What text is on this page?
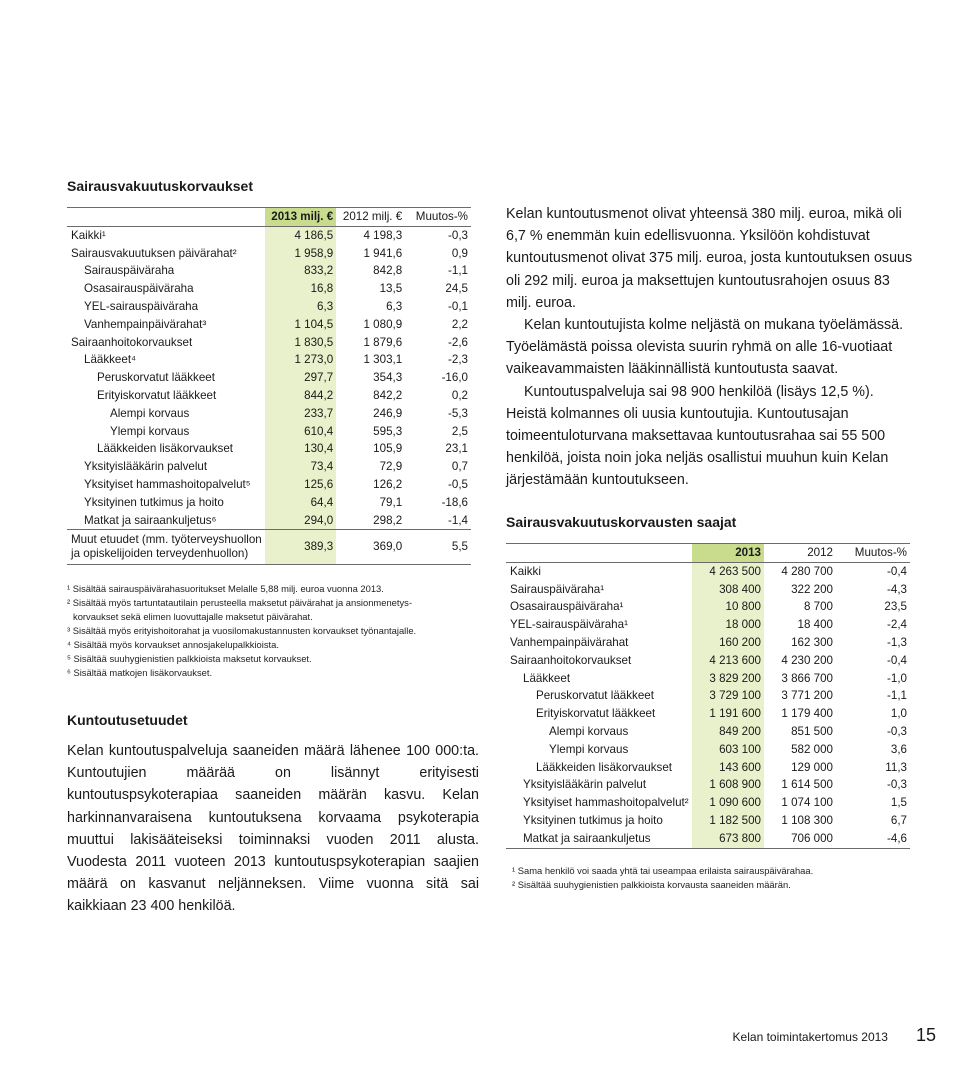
Sairausvakuutuskorvaukset
	2013 milj. €	2012 milj. €	Muutos-%
Kaikki¹	4 186,5	4 198,3	-0,3
Sairausvakuutuksen päivärahat²	1 958,9	1 941,6	0,9
Sairauspäiväraha	833,2	842,8	-1,1
Osasairauspäiväraha	16,8	13,5	24,5
YEL-sairauspäiväraha	6,3	6,3	-0,1
Vanhempainpäivärahat³	1 104,5	1 080,9	2,2
Sairaanhoitokorvaukset	1 830,5	1 879,6	-2,6
Lääkkeet⁴	1 273,0	1 303,1	-2,3
Peruskorvatut lääkkeet	297,7	354,3	-16,0
Erityiskorvatut lääkkeet	844,2	842,2	0,2
Alempi korvaus	233,7	246,9	-5,3
Ylempi korvaus	610,4	595,3	2,5
Lääkkeiden lisäkorvaukset	130,4	105,9	23,1
Yksityislääkärin palvelut	73,4	72,9	0,7
Yksityiset hammashoitopalvelut⁵	125,6	126,2	-0,5
Yksityinen tutkimus ja hoito	64,4	79,1	-18,6
Matkat ja sairaankuljetus⁶	294,0	298,2	-1,4

Muut etuudet (mm. työterveyshuollon
ja opiskelijoiden terveydenhuollon)	389,3	369,0	5,5
¹ Sisältää sairauspäivärahasuoritukset Melalle 5,88 milj. euroa vuonna 2013.
² Sisältää myös tartuntatautilain perusteella maksetut päivärahat ja ansionmenetys-
korvaukset sekä elimen luovuttajalle maksetut päivärahat.
³ Sisältää myös erityishoitorahat ja vuosilomakustannusten korvaukset työnantajalle.
⁴ Sisältää myös korvaukset annosjakelupalkkioista.
⁵ Sisältää suuhygienistien palkkioista maksetut korvaukset.
⁶ Sisältää matkojen lisäkorvaukset.
Kuntoutusetuudet

Kelan kuntoutuspalveluja saaneiden määrä lähenee 100 000:ta. Kuntoutujien määrää on lisännyt erityisesti kuntoutuspsykoterapiaa saaneiden määrän kasvu. Kelan harkinnanvaraisena kuntoutuksena korvaama psykoterapia muuttui lakisääteiseksi toiminnaksi vuoden 2011 alusta. Vuodesta 2011 vuoteen 2013 kuntoutuspsykoterapian saajien määrä on kasvanut neljänneksen. Viime vuonna sitä sai kaikkiaan 23 400 henkilöä.

Kelan kuntoutusmenot olivat yhteensä 380 milj. euroa, mikä oli 6,7 % enemmän kuin edellisvuonna. Yksilöön kohdistuvat kuntoutusmenot olivat 375 milj. euroa, josta kuntoutuksen osuus oli 292 milj. euroa ja maksettujen kuntoutusrahojen osuus 83 milj. euroa.

Kelan kuntoutujista kolme neljästä on mukana työelämässä. Työelämästä poissa olevista suurin ryhmä on alle 16-vuotiaat vaikeavammaisten lääkinnällistä kuntoutusta saavat.

Kuntoutuspalveluja sai 98 900 henkilöä (lisäys 12,5 %). Heistä kolmannes oli uusia kuntoutujia. Kuntoutusajan toimeentuloturvana maksettavaa kuntoutusrahaa sai 55 500 henkilöä, joista noin joka neljäs osallistui muuhun kuin Kelan järjestämään kuntoutukseen.

Sairausvakuutuskorvausten saajat
	2013	2012	Muutos-%
Kaikki	4 263 500	4 280 700	-0,4
Sairauspäiväraha¹	308 400	322 200	-4,3
Osasairauspäiväraha¹	10 800	8 700	23,5
YEL-sairauspäiväraha¹	18 000	18 400	-2,4
Vanhempainpäivärahat	160 200	162 300	-1,3
Sairaanhoitokorvaukset	4 213 600	4 230 200	-0,4
Lääkkeet	3 829 200	3 866 700	-1,0
Peruskorvatut lääkkeet	3 729 100	3 771 200	-1,1
Erityiskorvatut lääkkeet	1 191 600	1 179 400	1,0
Alempi korvaus	849 200	851 500	-0,3
Ylempi korvaus	603 100	582 000	3,6
Lääkkeiden lisäkorvaukset	143 600	129 000	11,3
Yksityislääkärin palvelut	1 608 900	1 614 500	-0,3
Yksityiset hammashoitopalvelut²	1 090 600	1 074 100	1,5
Yksityinen tutkimus ja hoito	1 182 500	1 108 300	6,7
Matkat ja sairaankuljetus	673 800	706 000	-4,6
¹ Sama henkilö voi saada yhtä tai useampaa erilaista sairauspäivärahaa.
² Sisältää suuhygienistien palkkioista korvausta saaneiden määrän.
Kelan toimintakertomus 2013 15
